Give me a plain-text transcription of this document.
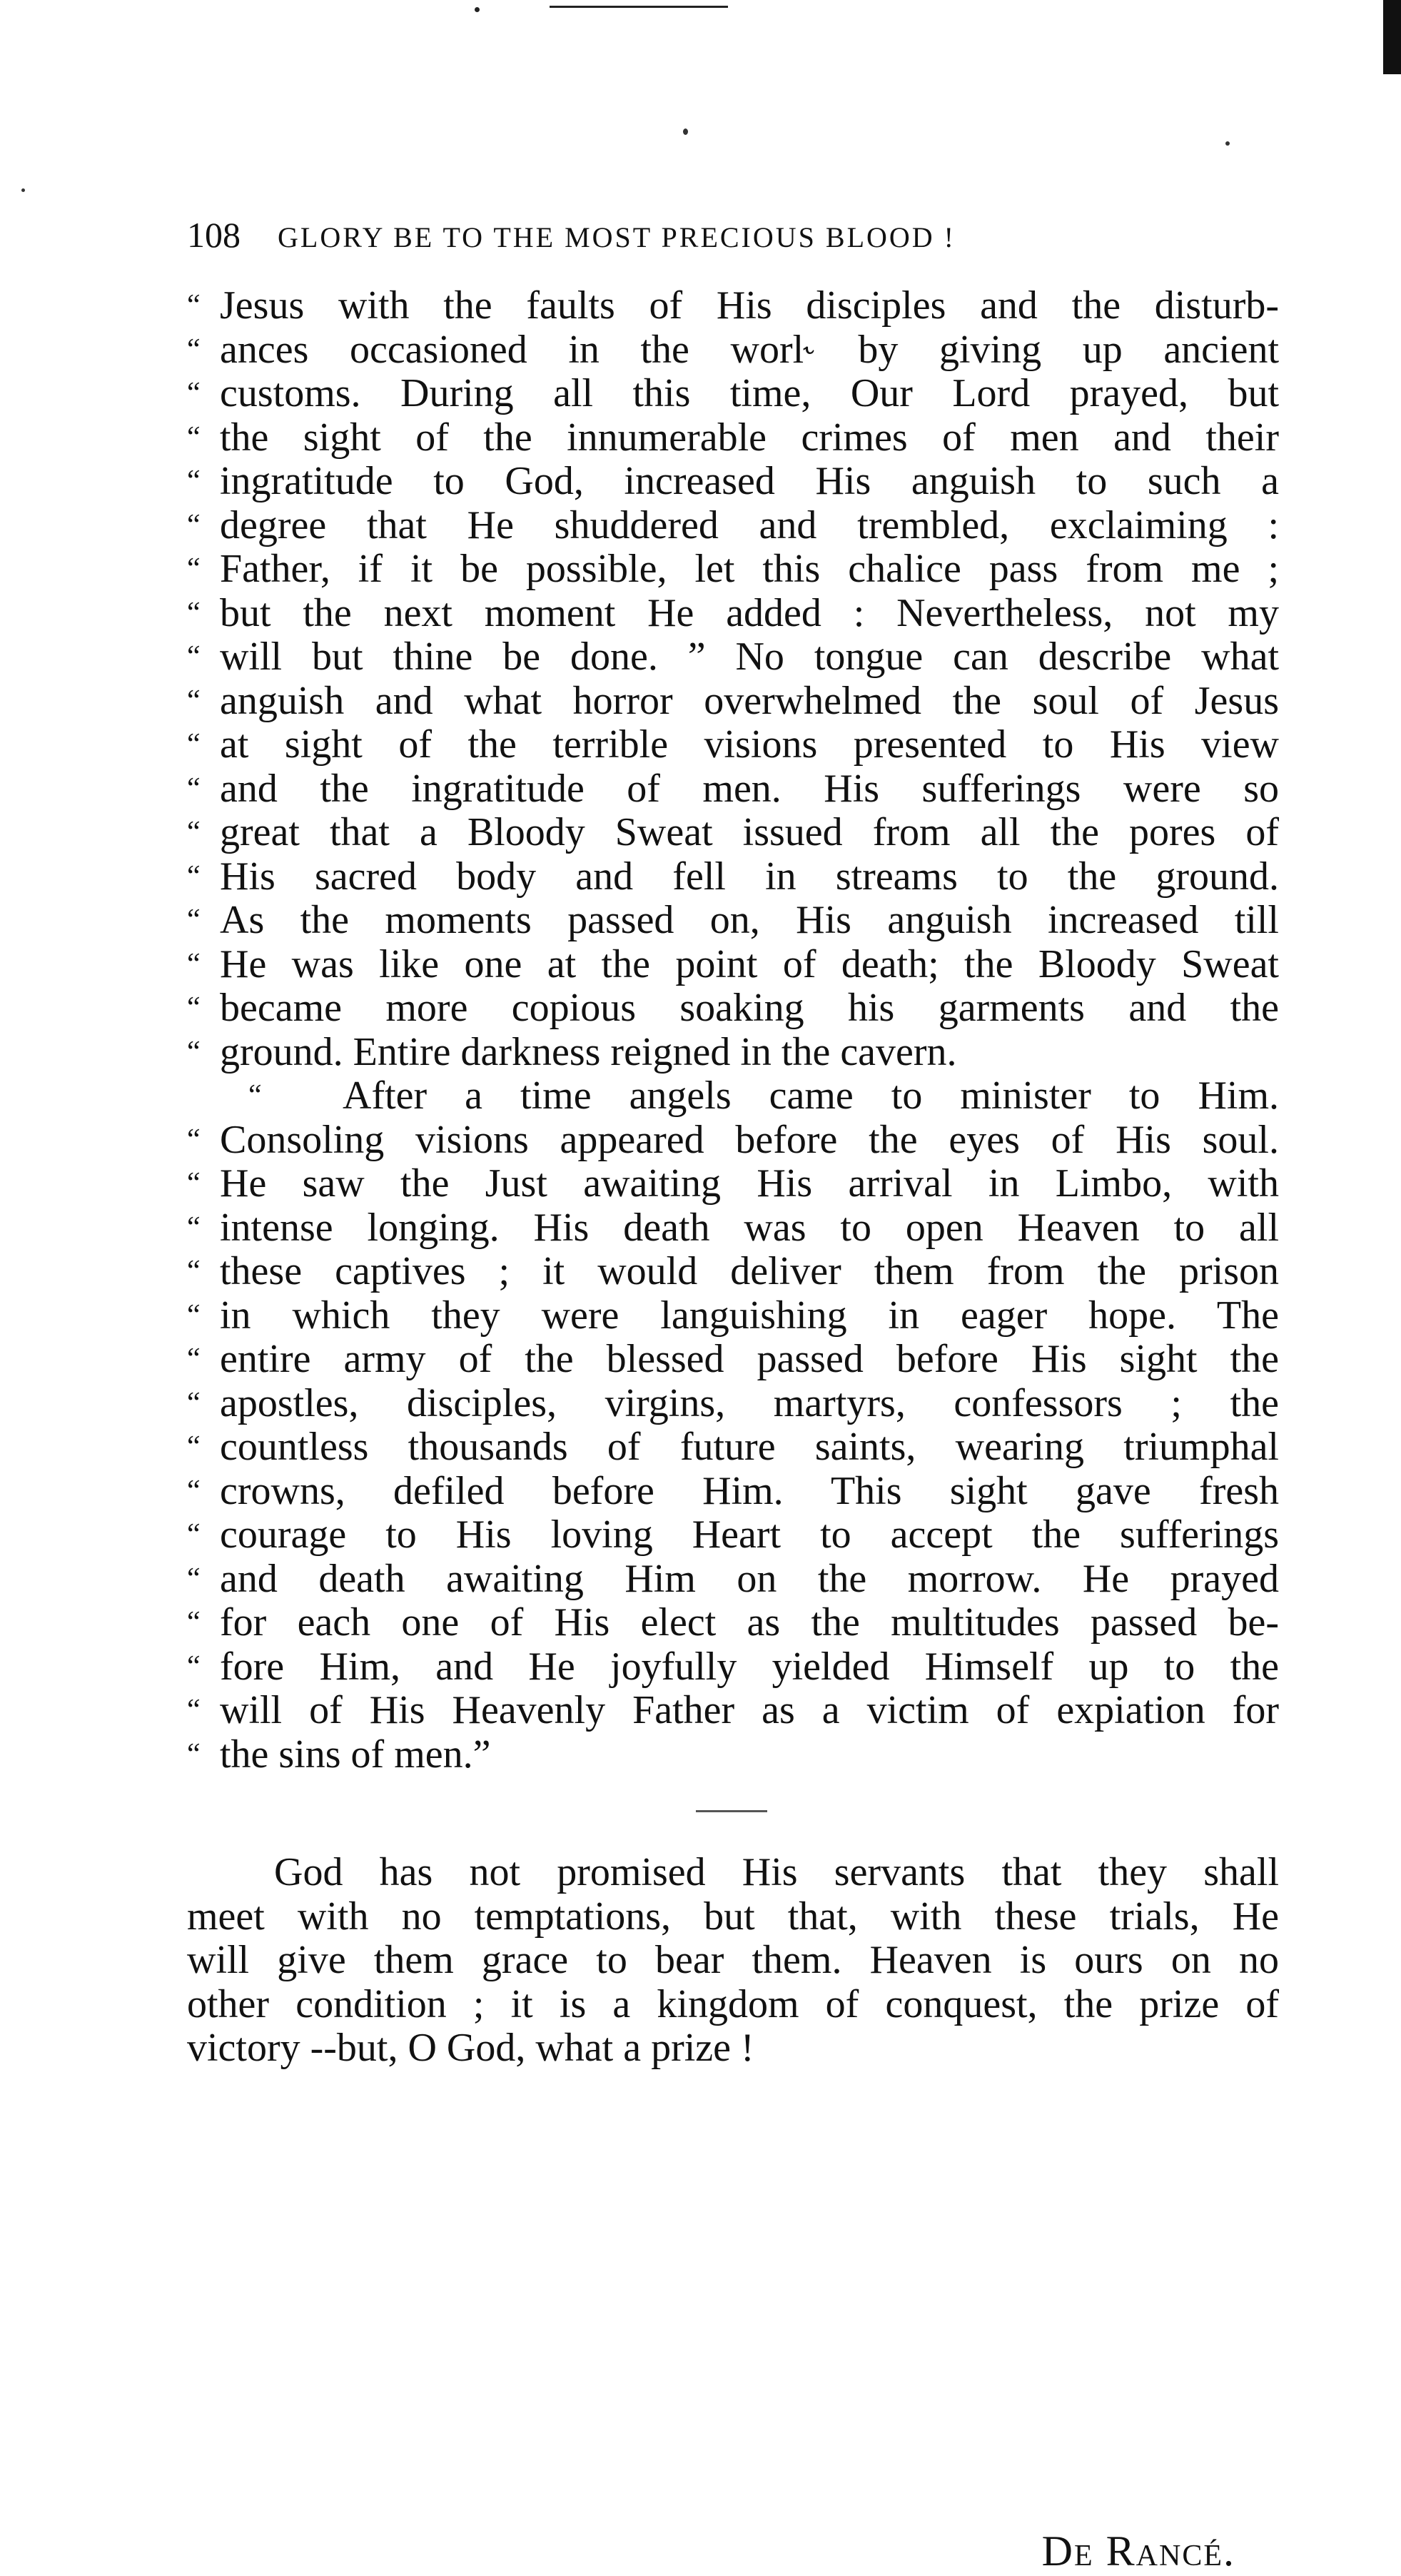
108 GLORY BE TO THE MOST PRECIOUS BLOOD !
“ Jesus with the faults of His disciples and the disturb-
“ ances occasioned in the worl˞ by giving up ancient
“ customs. During all this time, Our Lord prayed, but
“ the sight of the innumerable crimes of men and their
“ ingratitude to God, increased His anguish to such a
“ degree that He shuddered and trembled, exclaiming :
“ Father, if it be possible, let this chalice pass from me ;
“ but the next moment He added : Nevertheless, not my
“ will but thine be done. ” No tongue can describe what
“ anguish and what horror overwhelmed the soul of Jesus
“ at sight of the terrible visions presented to His view
“ and the ingratitude of men. His sufferings were so
“ great that a Bloody Sweat issued from all the pores of
“ His sacred body and fell in streams to the ground.
“ As the moments passed on, His anguish increased till
“ He was like one at the point of death; the Bloody Sweat
“ became more copious soaking his garments and the
“ ground. Entire darkness reigned in the cavern.
“	After a time angels came to minister to Him.
“ Consoling visions appeared before the eyes of His soul.
“ He saw the Just awaiting His arrival in Limbo, with
“ intense longing. His death was to open Heaven to all
“ these captives ; it would deliver them from the prison
“ in which they were languishing in eager hope. The
“ entire army of the blessed passed before His sight the
“ apostles, disciples, virgins, martyrs, confessors ; the
“ countless thousands of future saints, wearing triumphal
“ crowns, defiled before Him. This sight gave fresh
“ courage to His loving Heart to accept the sufferings
“ and death awaiting Him on the morrow. He prayed
“ for each one of His elect as the multitudes passed be-
“ fore Him, and He joyfully yielded Himself up to the
“ will of His Heavenly Father as a victim of expiation for
“ the sins of men.”
God has not promised His servants that they shall
meet with no temptations, but that, with these trials, He
will give them grace to bear them. Heaven is ours on no
other condition ; it is a kingdom of conquest, the prize of
victory --but, O God, what a prize !
De Rancé.
